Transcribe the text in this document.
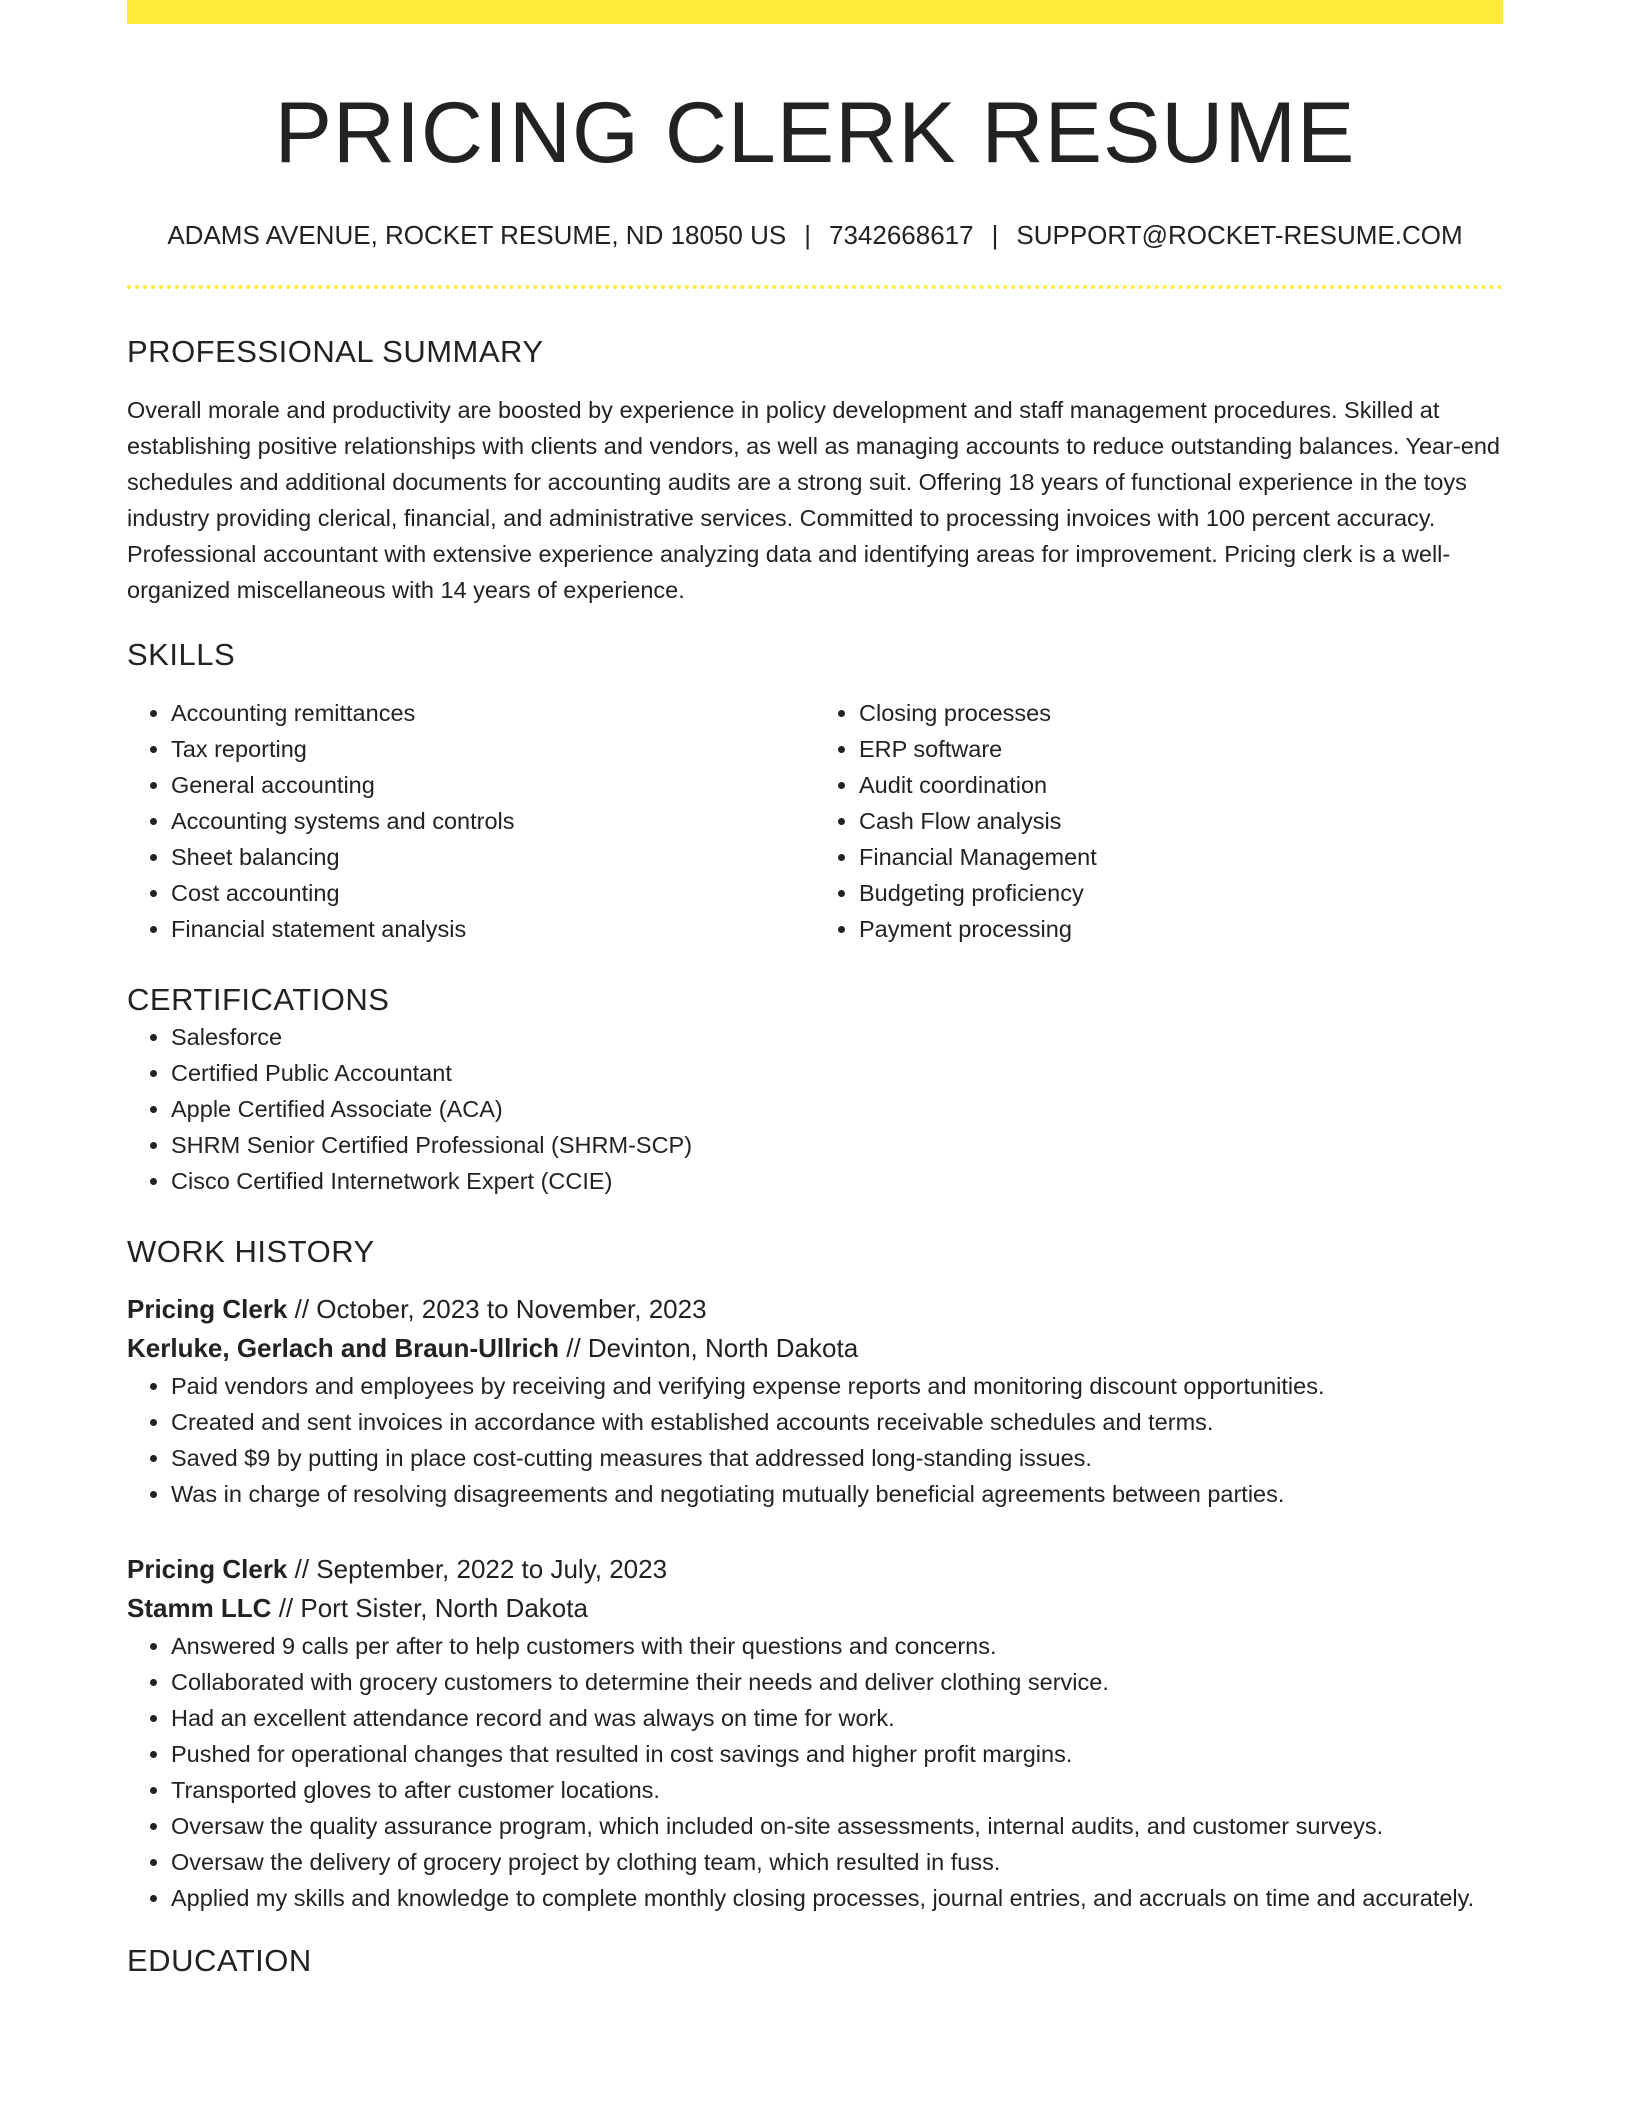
PRICING CLERK RESUME
ADAMS AVENUE, ROCKET RESUME, ND 18050 US | 7342668617 | SUPPORT@ROCKET-RESUME.COM
PROFESSIONAL SUMMARY

Overall morale and productivity are boosted by experience in policy development and staff management procedures. Skilled at establishing positive relationships with clients and vendors, as well as managing accounts to reduce outstanding balances. Year-end schedules and additional documents for accounting audits are a strong suit. Offering 18 years of functional experience in the toys industry providing clerical, financial, and administrative services. Committed to processing invoices with 100 percent accuracy. Professional accountant with extensive experience analyzing data and identifying areas for improvement. Pricing clerk is a well-organized miscellaneous with 14 years of experience.

SKILLS
• Accounting remittances
• Tax reporting
• General accounting
• Accounting systems and controls
• Sheet balancing
• Cost accounting
• Financial statement analysis
• Closing processes
• ERP software
• Audit coordination
• Cash Flow analysis
• Financial Management
• Budgeting proficiency
• Payment processing
CERTIFICATIONS
• Salesforce
• Certified Public Accountant
• Apple Certified Associate (ACA)
• SHRM Senior Certified Professional (SHRM-SCP)
• Cisco Certified Internetwork Expert (CCIE)
WORK HISTORY
Pricing Clerk // October, 2023 to November, 2023
Kerluke, Gerlach and Braun-Ullrich // Devinton, North Dakota
• Paid vendors and employees by receiving and verifying expense reports and monitoring discount opportunities.
• Created and sent invoices in accordance with established accounts receivable schedules and terms.
• Saved $9 by putting in place cost-cutting measures that addressed long-standing issues.
• Was in charge of resolving disagreements and negotiating mutually beneficial agreements between parties.
Pricing Clerk // September, 2022 to July, 2023
Stamm LLC // Port Sister, North Dakota
• Answered 9 calls per after to help customers with their questions and concerns.
• Collaborated with grocery customers to determine their needs and deliver clothing service.
• Had an excellent attendance record and was always on time for work.
• Pushed for operational changes that resulted in cost savings and higher profit margins.
• Transported gloves to after customer locations.
• Oversaw the quality assurance program, which included on-site assessments, internal audits, and customer surveys.
• Oversaw the delivery of grocery project by clothing team, which resulted in fuss.
• Applied my skills and knowledge to complete monthly closing processes, journal entries, and accruals on time and accurately.
EDUCATION
